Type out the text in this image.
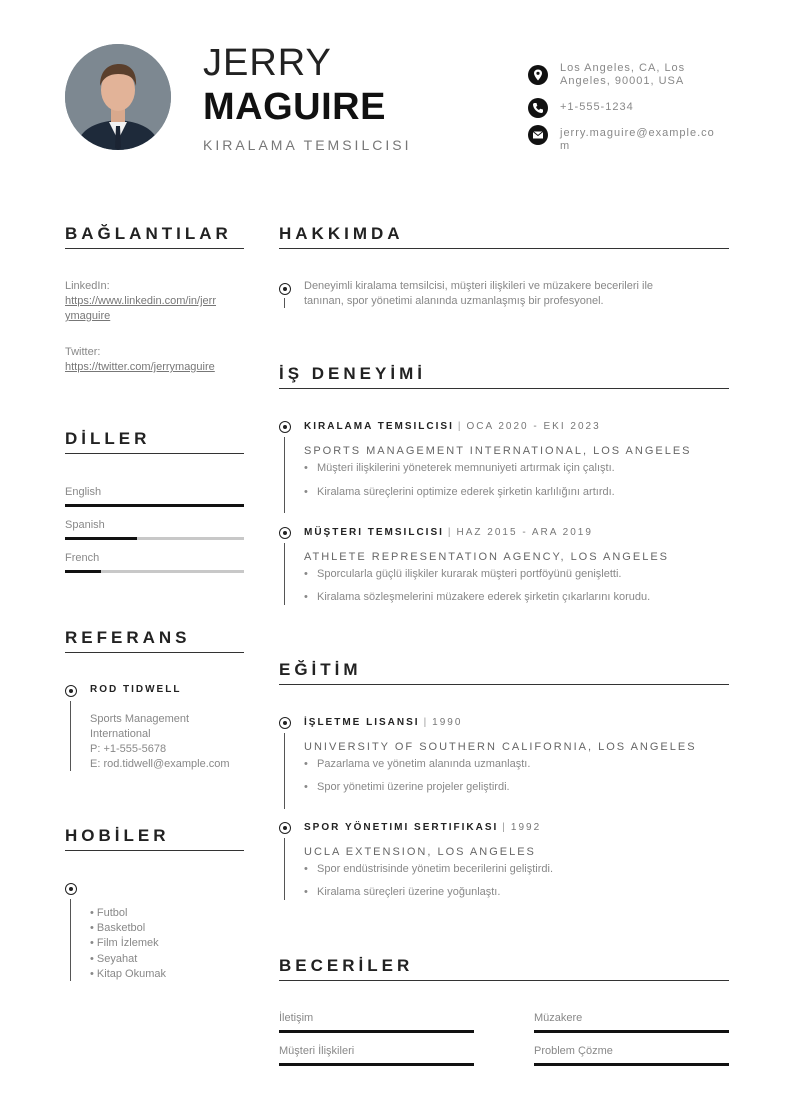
JERRY
MAGUIRE
KIRALAMA TEMSILCISI
Los Angeles, CA, Los
Angeles, 90001, USA
+1-555-1234
jerry.maguire@example.co
m
BAĞLANTILAR
LinkedIn:
https://www.linkedin.com/in/jerr
ymaguire
Twitter:
https://twitter.com/jerrymaguire
DİLLER
English
Spanish
French
REFERANS
ROD TIDWELL
Sports Management
International
P: +1-555-5678
E: rod.tidwell@example.com
HOBİLER
• Futbol
• Basketbol
• Film İzlemek
• Seyahat
• Kitap Okumak
HAKKIMDA
Deneyimli kiralama temsilcisi, müşteri ilişkileri ve müzakere becerileri ile
tanınan, spor yönetimi alanında uzmanlaşmış bir profesyonel.
İŞ DENEYİMİ
KIRALAMA TEMSILCISI | OCA 2020 - EKI 2023
SPORTS MANAGEMENT INTERNATIONAL, LOS ANGELES
• Müşteri ilişkilerini yöneterek memnuniyeti artırmak için çalıştı.
• Kiralama süreçlerini optimize ederek şirketin karlılığını artırdı.
MÜŞTERI TEMSILCISI | HAZ 2015 - ARA 2019
ATHLETE REPRESENTATION AGENCY, LOS ANGELES
• Sporcularla güçlü ilişkiler kurarak müşteri portföyünü genişletti.
• Kiralama sözleşmelerini müzakere ederek şirketin çıkarlarını korudu.
EĞİTİM
İŞLETME LISANSI | 1990
UNIVERSITY OF SOUTHERN CALIFORNIA, LOS ANGELES
• Pazarlama ve yönetim alanında uzmanlaştı.
• Spor yönetimi üzerine projeler geliştirdi.
SPOR YÖNETIMI SERTIFIKASI | 1992
UCLA EXTENSION, LOS ANGELES
• Spor endüstrisinde yönetim becerilerini geliştirdi.
• Kiralama süreçleri üzerine yoğunlaştı.
BECERİLER
İletişim	Müzakere
Müşteri İlişkileri	Problem Çözme
